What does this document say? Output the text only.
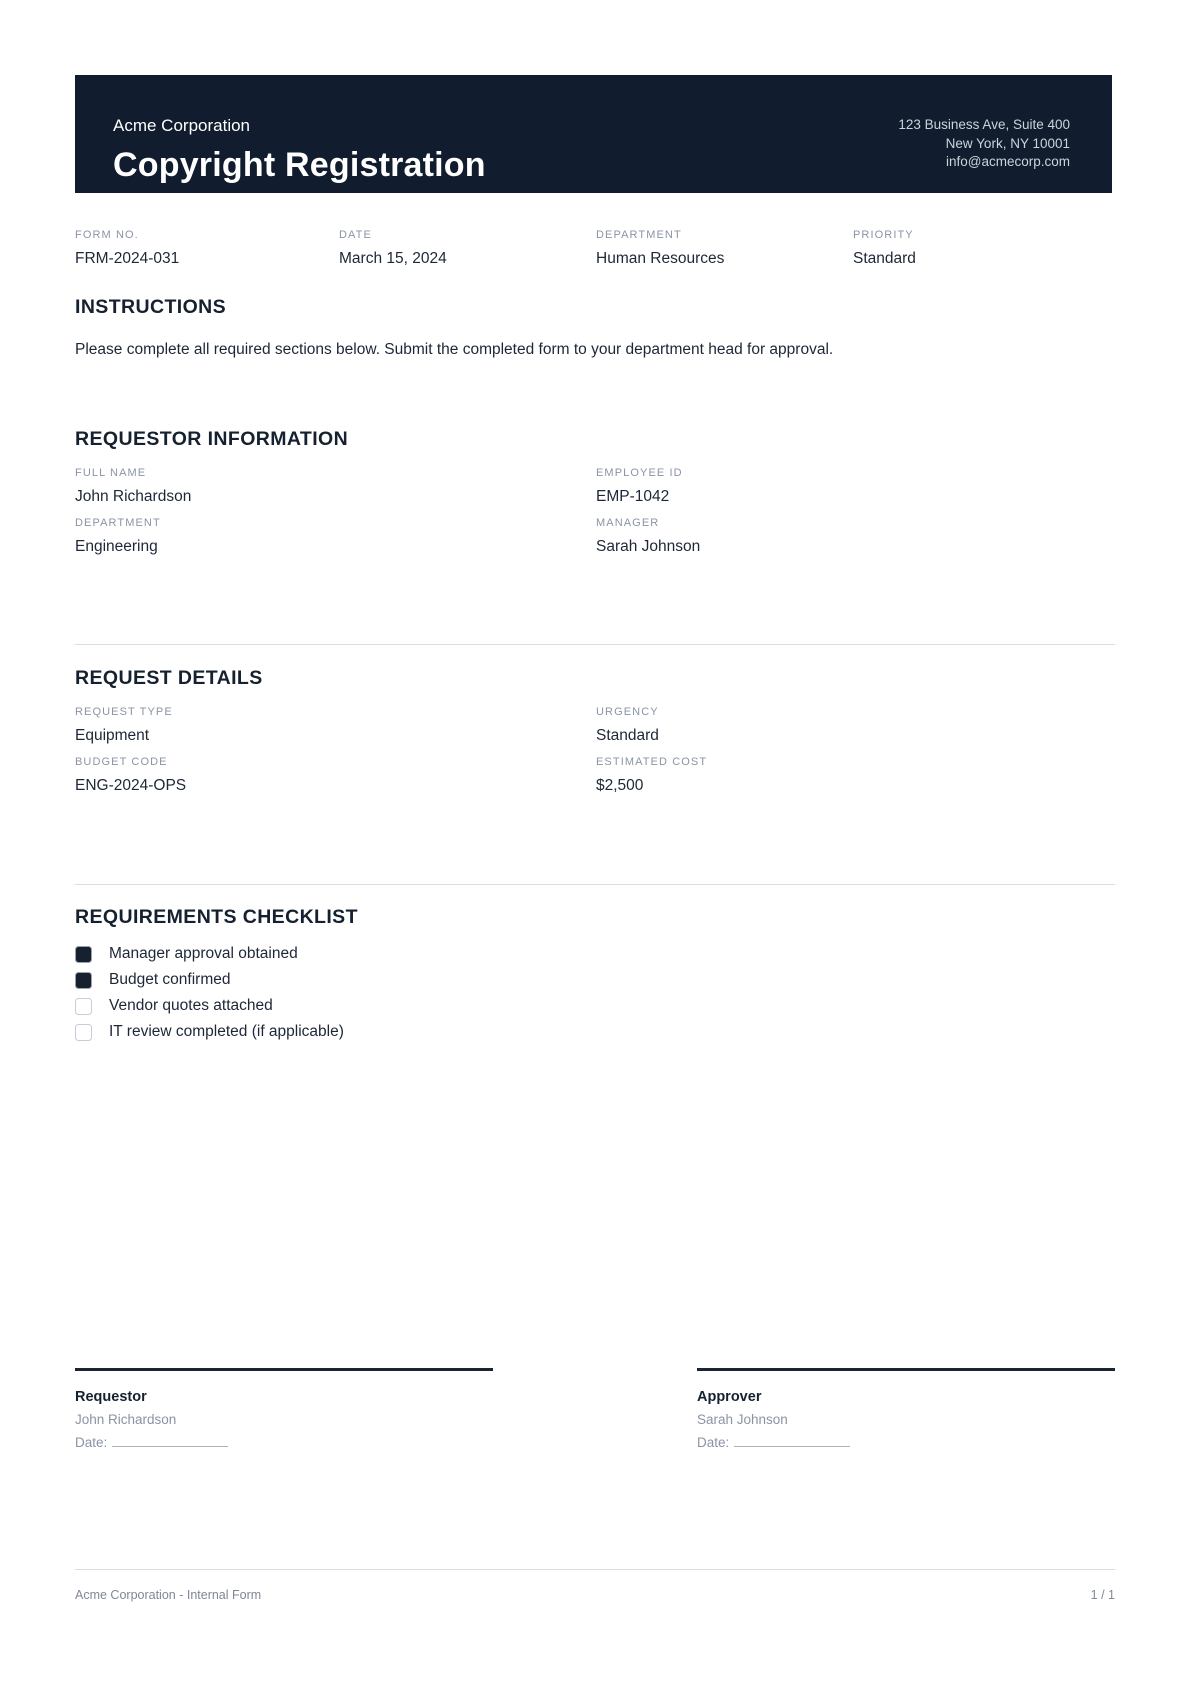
Acme Corporation
Copyright Registration
123 Business Ave, Suite 400
New York, NY 10001
info@acmecorp.com
FORM NO.
FRM-2024-031
DATE
March 15, 2024
DEPARTMENT
Human Resources
PRIORITY
Standard
INSTRUCTIONS
Please complete all required sections below. Submit the completed form to your department head for approval.
REQUESTOR INFORMATION
FULL NAME
John Richardson
EMPLOYEE ID
EMP-1042
DEPARTMENT
Engineering
MANAGER
Sarah Johnson
REQUEST DETAILS
REQUEST TYPE
Equipment
URGENCY
Standard
BUDGET CODE
ENG-2024-OPS
ESTIMATED COST
$2,500
REQUIREMENTS CHECKLIST
Manager approval obtained
Budget confirmed
Vendor quotes attached
IT review completed (if applicable)
Requestor
John Richardson
Date:
Approver
Sarah Johnson
Date:
Acme Corporation - Internal Form	1 / 1
